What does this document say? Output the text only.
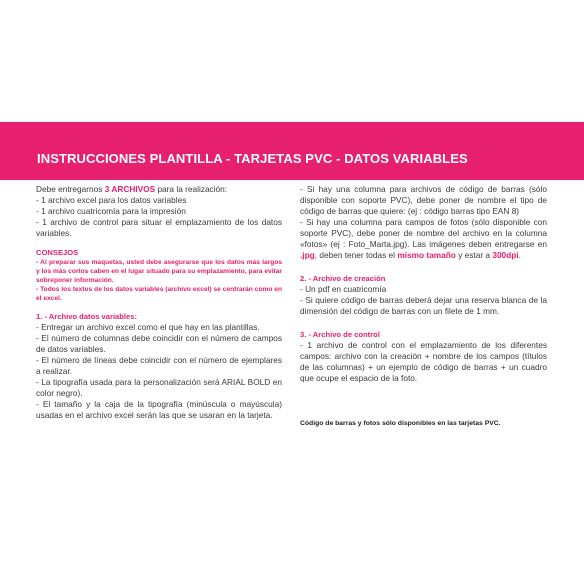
INSTRUCCIONES PLANTILLA - TARJETAS PVC - DATOS VARIABLES

Debe entregarnos 3 ARCHIVOS para la realización:

- 1 archivo excel para los datos variables

- 1 archivo cuatricomía para la impresión

- 1 archivo de control para situar el emplazamiento de los datos variables.

CONSEJOS

- Al preparar sus maquetas, usted debe asegurarse que los datos más largos y los más cortos caben en el lugar situado para su emplazamiento, para evitar sobreponer información.

- Todos los textos de los datos variables (archivo excel) se centrarán como en el excel.

1. - Archivo datos variables:

- Entregar un archivo excel como el que hay en las plantillas.

- El número de columnas debe coincidir con el número de campos de datos variables.

- El número de líneas debe coincidir con el número de ejemplares a realizar.

- La tipografía usada para la personalización será ARIAL BOLD en color negro).

- El tamaño y la caja de la tipografía (minúscula o mayúscula) usadas en el archivo excel serán las que se usaran en la tarjeta.

- Si hay una columna para archivos de código de barras (sólo disponible con soporte PVC), debe poner de nombre el tipo de código de barras que quiere: (ej : código barras tipo EAN 8)

- Si hay una columna para campos de fotos (sólo disponible con soporte PVC), debe poner de nombre del archivo en la columna «fotos» (ej : Foto_Marta.jpg). Las imágenes deben entregarse en .jpg, deben tener todas el mismo tamaño y estar a 300dpi.

2. - Archivo de creación

- Un pdf en cuatricomía

- Si quiere código de barras deberá dejar una reserva blanca de la dimensión del código de barras con un filete de 1 mm.

3. - Archivo de control

- 1 archivo de control con el emplazamiento de los diferentes campos: archivo con la creación + nombre de los campos (títulos de las columnas) + un ejemplo de código de barras + un cuadro que ocupe el espacio de la foto.

Código de barras y fotos sólo disponibles en las tarjetas PVC.
